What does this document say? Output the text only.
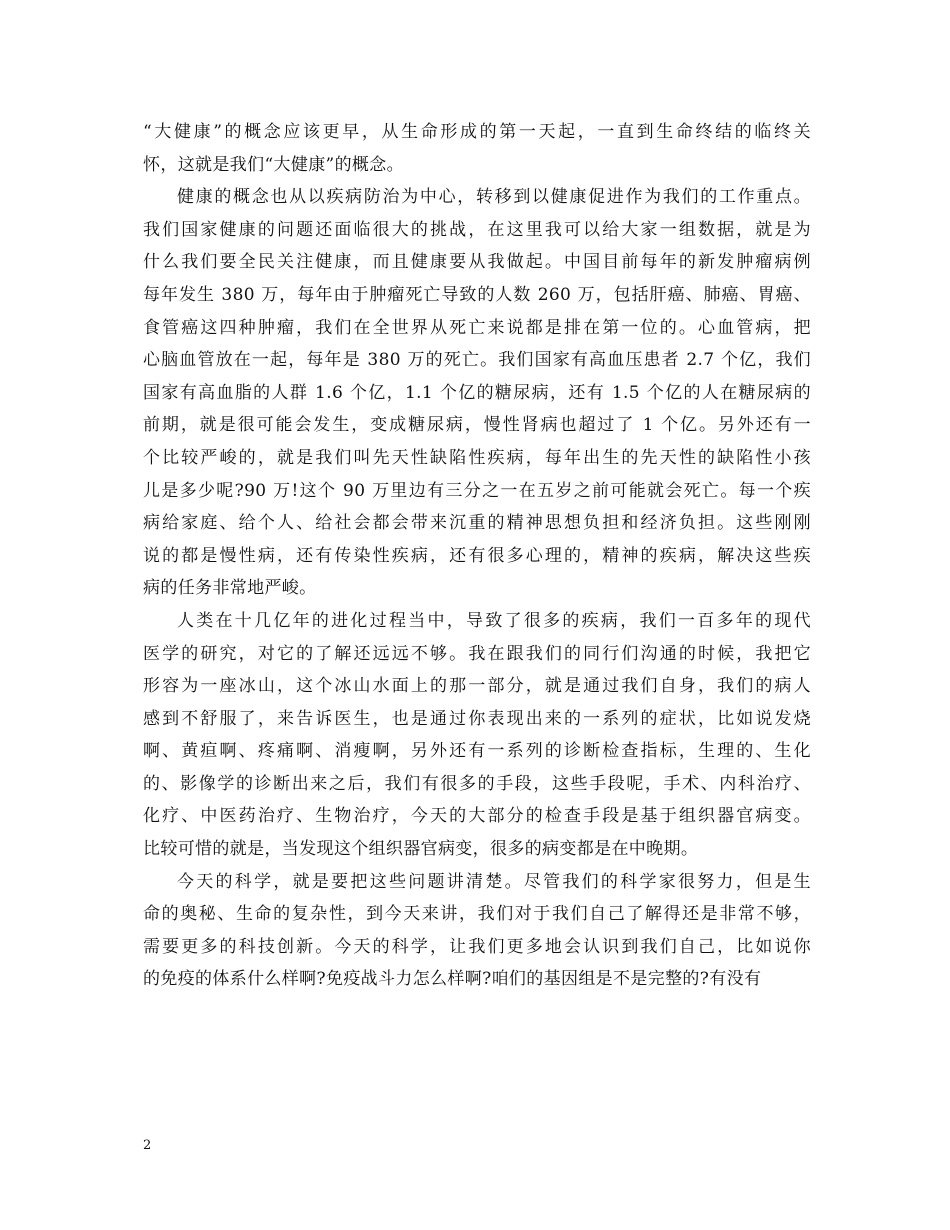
“大健康”的概念应该更早，从生命形成的第一天起，一直到生命终结的临终关
怀，这就是我们“大健康”的概念。
健康的概念也从以疾病防治为中心，转移到以健康促进作为我们的工作重点。
我们国家健康的问题还面临很大的挑战，在这里我可以给大家一组数据，就是为
什么我们要全民关注健康，而且健康要从我做起。中国目前每年的新发肿瘤病例
每年发生 380 万，每年由于肿瘤死亡导致的人数 260 万，包括肝癌、肺癌、胃癌、
食管癌这四种肿瘤，我们在全世界从死亡来说都是排在第一位的。心血管病，把
心脑血管放在一起，每年是 380 万的死亡。我们国家有高血压患者 2.7 个亿，我们
国家有高血脂的人群 1.6 个亿，1.1 个亿的糖尿病，还有 1.5 个亿的人在糖尿病的
前期，就是很可能会发生，变成糖尿病，慢性肾病也超过了 1 个亿。另外还有一
个比较严峻的，就是我们叫先天性缺陷性疾病，每年出生的先天性的缺陷性小孩
儿是多少呢?90 万!这个 90 万里边有三分之一在五岁之前可能就会死亡。每一个疾
病给家庭、给个人、给社会都会带来沉重的精神思想负担和经济负担。这些刚刚
说的都是慢性病，还有传染性疾病，还有很多心理的，精神的疾病，解决这些疾
病的任务非常地严峻。
人类在十几亿年的进化过程当中，导致了很多的疾病，我们一百多年的现代
医学的研究，对它的了解还远远不够。我在跟我们的同行们沟通的时候，我把它
形容为一座冰山，这个冰山水面上的那一部分，就是通过我们自身，我们的病人
感到不舒服了，来告诉医生，也是通过你表现出来的一系列的症状，比如说发烧
啊、黄疸啊、疼痛啊、消瘦啊，另外还有一系列的诊断检查指标，生理的、生化
的、影像学的诊断出来之后，我们有很多的手段，这些手段呢，手术、内科治疗、
化疗、中医药治疗、生物治疗，今天的大部分的检查手段是基于组织器官病变。
比较可惜的就是，当发现这个组织器官病变，很多的病变都是在中晚期。
今天的科学，就是要把这些问题讲清楚。尽管我们的科学家很努力，但是生
命的奥秘、生命的复杂性，到今天来讲，我们对于我们自己了解得还是非常不够，
需要更多的科技创新。今天的科学，让我们更多地会认识到我们自己，比如说你
的免疫的体系什么样啊?免疫战斗力怎么样啊?咱们的基因组是不是完整的?有没有
2
